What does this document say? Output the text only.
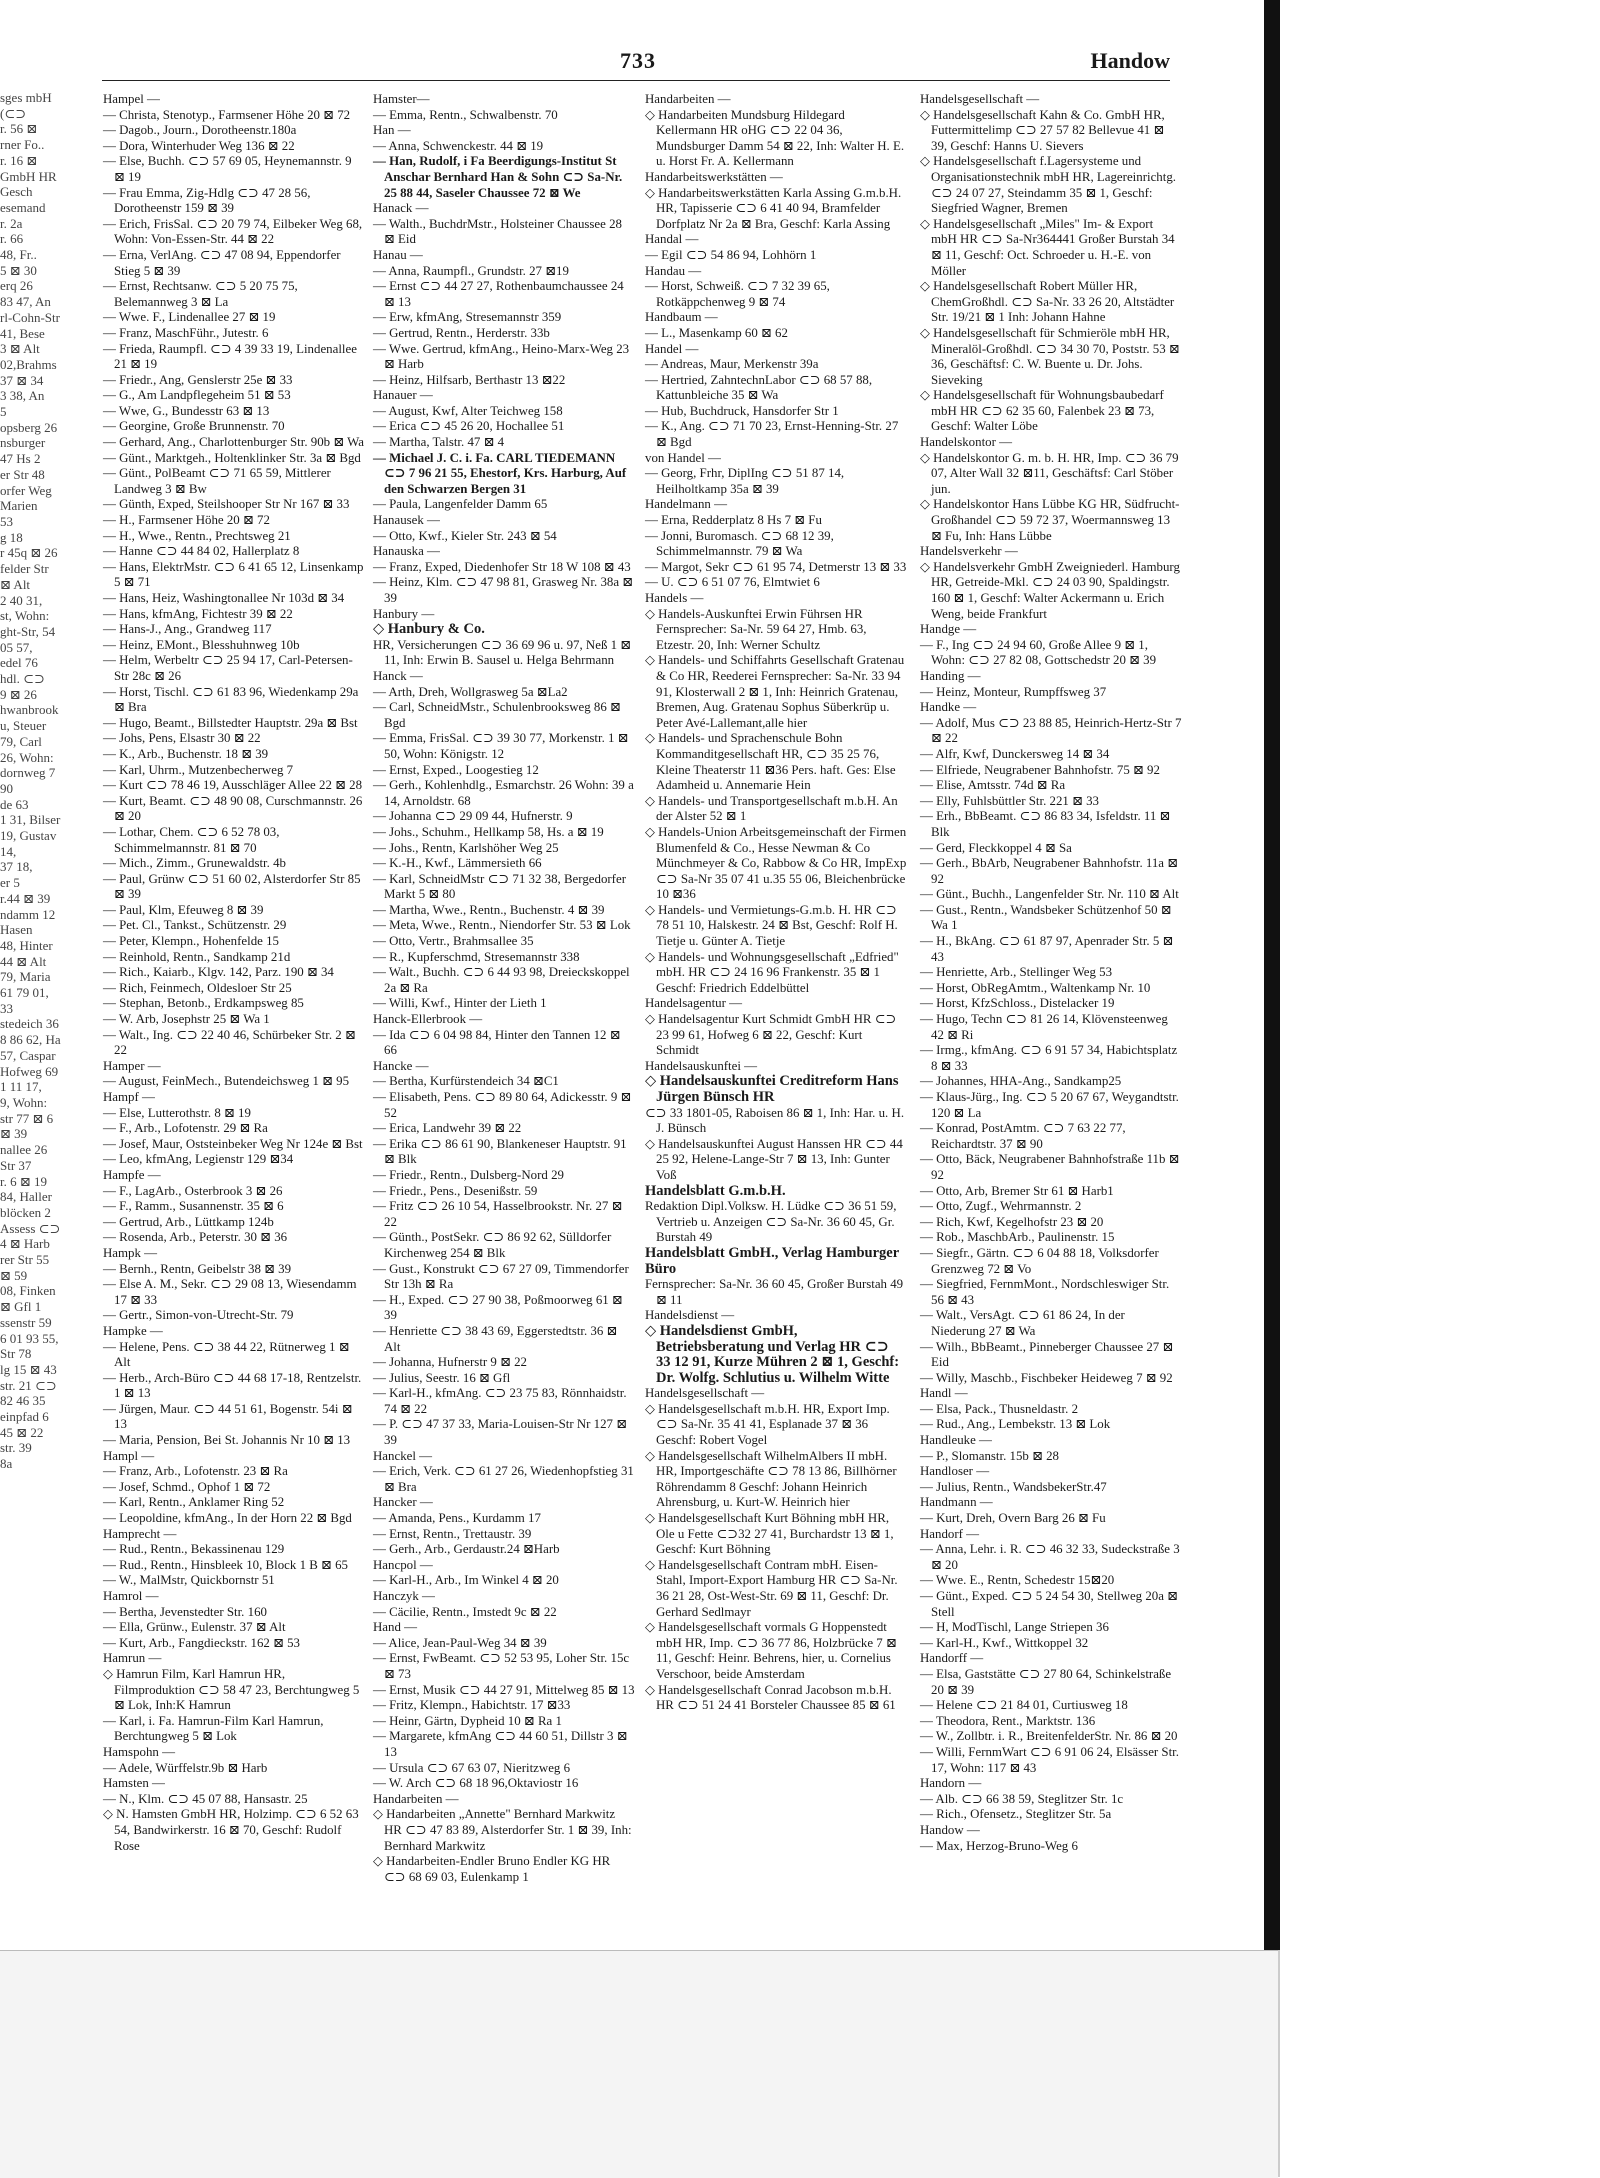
sges mbH
(⊂⊃
r. 56 ⊠
rner Fo..
r. 16 ⊠
GmbH HR
Gesch
esemand
r. 2a
r. 66
48, Fr..
5 ⊠ 30
erq 26
83 47, An
rl-Cohn-Str
41, Bese
3 ⊠ Alt
02,Brahms
37 ⊠ 34
3 38, An
5
opsberg 26
nsburger
47 Hs 2
er Str 48
orfer Weg
Marien
53
g 18
r 45q ⊠ 26
felder Str
⊠ Alt
2 40 31,
st, Wohn:
ght-Str, 54
05 57,
edel 76
hdl. ⊂⊃
9 ⊠ 26
hwanbrook
u, Steuer
79, Carl
26, Wohn:
dornweg 7
90
de 63
1 31, Bilser
19, Gustav
14,
37 18,
er 5
r.44 ⊠ 39
ndamm 12
Hasen
48, Hinter
44 ⊠ Alt
79, Maria
61 79 01,
33
stedeich 36
8 86 62, Ha
57, Caspar
Hofweg 69
1 11 17,
9, Wohn:
str 77 ⊠ 6
⊠ 39
nallee 26
Str 37
r. 6 ⊠ 19
84, Haller
blöcken 2
Assess ⊂⊃
4 ⊠ Harb
rer Str 55
⊠ 59
08, Finken
⊠ Gfl 1
ssenstr 59
6 01 93 55,
Str 78
lg 15 ⊠ 43
str. 21 ⊂⊃
82 46 35
einpfad 6
45 ⊠ 22
str. 39
8a
733	Handow
Hampel —
— Christa, Stenotyp., Farmsener Höhe 20 ⊠ 72
— Dagob., Journ., Dorotheenstr.180a
— Dora, Winterhuder Weg 136 ⊠ 22
— Else, Buchh. ⊂⊃ 57 69 05, Heynemannstr. 9 ⊠ 19
— Frau Emma, Zig-Hdlg ⊂⊃ 47 28 56, Dorotheenstr 159 ⊠ 39
— Erich, FrisSal. ⊂⊃ 20 79 74, Eilbeker Weg 68, Wohn: Von-Essen-Str. 44 ⊠ 22
— Erna, VerlAng. ⊂⊃ 47 08 94, Eppendorfer Stieg 5 ⊠ 39
— Ernst, Rechtsanw. ⊂⊃ 5 20 75 75, Belemannweg 3 ⊠ La
— Wwe. F., Lindenallee 27 ⊠ 19
— Franz, MaschFühr., Jutestr. 6
— Frieda, Raumpfl. ⊂⊃ 4 39 33 19, Lindenallee 21 ⊠ 19
— Friedr., Ang, Genslerstr 25e ⊠ 33
— G., Am Landpflegeheim 51 ⊠ 53
— Wwe, G., Bundesstr 63 ⊠ 13
— Georgine, Große Brunnenstr. 70
— Gerhard, Ang., Charlottenburger Str. 90b ⊠ Wa
— Günt., Marktgeh., Holtenklinker Str. 3a ⊠ Bgd
— Günt., PolBeamt ⊂⊃ 71 65 59, Mittlerer Landweg 3 ⊠ Bw
— Günth, Exped, Steilshooper Str Nr 167 ⊠ 33
— H., Farmsener Höhe 20 ⊠ 72
— H., Wwe., Rentn., Prechtsweg 21
— Hanne ⊂⊃ 44 84 02, Hallerplatz 8
— Hans, ElektrMstr. ⊂⊃ 6 41 65 12, Linsenkamp 5 ⊠ 71
— Hans, Heiz, Washingtonallee Nr 103d ⊠ 34
— Hans, kfmAng, Fichtestr 39 ⊠ 22
— Hans-J., Ang., Grandweg 117
— Heinz, EMont., Blesshuhnweg 10b
— Helm, Werbeltr ⊂⊃ 25 94 17, Carl-Petersen-Str 28c ⊠ 26
— Horst, Tischl. ⊂⊃ 61 83 96, Wiedenkamp 29a ⊠ Bra
— Hugo, Beamt., Billstedter Hauptstr. 29a ⊠ Bst
— Johs, Pens, Elsastr 30 ⊠ 22
— K., Arb., Buchenstr. 18 ⊠ 39
— Karl, Uhrm., Mutzenbecherweg 7
— Kurt ⊂⊃ 78 46 19, Ausschläger Allee 22 ⊠ 28
— Kurt, Beamt. ⊂⊃ 48 90 08, Curschmannstr. 26 ⊠ 20
— Lothar, Chem. ⊂⊃ 6 52 78 03, Schimmelmannstr. 81 ⊠ 70
— Mich., Zimm., Grunewaldstr. 4b
— Paul, Grünw ⊂⊃ 51 60 02, Alsterdorfer Str 85 ⊠ 39
— Paul, Klm, Efeuweg 8 ⊠ 39
— Pet. Cl., Tankst., Schützenstr. 29
— Peter, Klempn., Hohenfelde 15
— Reinhold, Rentn., Sandkamp 21d
— Rich., Kaiarb., Klgv. 142, Parz. 190 ⊠ 34
— Rich, Feinmech, Oldesloer Str 25
— Stephan, Betonb., Erdkampsweg 85
— W. Arb, Josephstr 25 ⊠ Wa 1
— Walt., Ing. ⊂⊃ 22 40 46, Schürbeker Str. 2 ⊠ 22
Hamper —
— August, FeinMech., Butendeichsweg 1 ⊠ 95
Hampf —
— Else, Lutterothstr. 8 ⊠ 19
— F., Arb., Lofotenstr. 29 ⊠ Ra
— Josef, Maur, Oststeinbeker Weg Nr 124e ⊠ Bst
— Leo, kfmAng, Legienstr 129 ⊠34
Hampfe —
— F., LagArb., Osterbrook 3 ⊠ 26
— F., Ramm., Susannenstr. 35 ⊠ 6
— Gertrud, Arb., Lüttkamp 124b
— Rosenda, Arb., Peterstr. 30 ⊠ 36
Hampk —
— Bernh., Rentn, Geibelstr 38 ⊠ 39
— Else A. M., Sekr. ⊂⊃ 29 08 13, Wiesendamm 17 ⊠ 33
— Gertr., Simon-von-Utrecht-Str. 79
Hampke —
— Helene, Pens. ⊂⊃ 38 44 22, Rütnerweg 1 ⊠ Alt
— Herb., Arch-Büro ⊂⊃ 44 68 17-18, Rentzelstr. 1 ⊠ 13
— Jürgen, Maur. ⊂⊃ 44 51 61, Bogenstr. 54i ⊠ 13
— Maria, Pension, Bei St. Johannis Nr 10 ⊠ 13
Hampl —
— Franz, Arb., Lofotenstr. 23 ⊠ Ra
— Josef, Schmd., Ophof 1 ⊠ 72
— Karl, Rentn., Anklamer Ring 52
— Leopoldine, kfmAng., In der Horn 22 ⊠ Bgd
Hamprecht —
— Rud., Rentn., Bekassinenau 129
— Rud., Rentn., Hinsbleek 10, Block 1 B ⊠ 65
— W., MalMstr, Quickbornstr 51
Hamrol —
— Bertha, Jevenstedter Str. 160
— Ella, Grünw., Eulenstr. 37 ⊠ Alt
— Kurt, Arb., Fangdieckstr. 162 ⊠ 53
Hamrun —
◇ Hamrun Film, Karl Hamrun HR, Filmproduktion ⊂⊃ 58 47 23, Berchtungweg 5 ⊠ Lok, Inh:K Hamrun
— Karl, i. Fa. Hamrun-Film Karl Hamrun, Berchtungweg 5 ⊠ Lok
Hamspohn —
— Adele, Würffelstr.9b ⊠ Harb
Hamsten —
— N., Klm. ⊂⊃ 45 07 88, Hansastr. 25
◇ N. Hamsten GmbH HR, Holzimp. ⊂⊃ 6 52 63 54, Bandwirkerstr. 16 ⊠ 70, Geschf: Rudolf Rose
Hamster—
— Emma, Rentn., Schwalbenstr. 70
Han —
— Anna, Schwenckestr. 44 ⊠ 19
— Han, Rudolf, i Fa Beerdigungs-Institut St Anschar Bernhard Han & Sohn ⊂⊃ Sa-Nr. 25 88 44, Saseler Chaussee 72 ⊠ We
Hanack —
— Walth., BuchdrMstr., Holsteiner Chaussee 28 ⊠ Eid
Hanau —
— Anna, Raumpfl., Grundstr. 27 ⊠19
— Ernst ⊂⊃ 44 27 27, Rothenbaumchaussee 24 ⊠ 13
— Erw, kfmAng, Stresemannstr 359
— Gertrud, Rentn., Herderstr. 33b
— Wwe. Gertrud, kfmAng., Heino-Marx-Weg 23 ⊠ Harb
— Heinz, Hilfsarb, Berthastr 13 ⊠22
Hanauer —
— August, Kwf, Alter Teichweg 158
— Erica ⊂⊃ 45 26 20, Hochallee 51
— Martha, Talstr. 47 ⊠ 4
— Michael J. C. i. Fa. CARL TIEDEMANN ⊂⊃ 7 96 21 55, Ehestorf, Krs. Harburg, Auf den Schwarzen Bergen 31
— Paula, Langenfelder Damm 65
Hanausek —
— Otto, Kwf., Kieler Str. 243 ⊠ 54
Hanauska —
— Franz, Exped, Diedenhofer Str 18 W 108 ⊠ 43
— Heinz, Klm. ⊂⊃ 47 98 81, Grasweg Nr. 38a ⊠ 39
Hanbury —
◇ Hanbury & Co.
HR, Versicherungen ⊂⊃ 36 69 96 u. 97, Neß 1 ⊠ 11, Inh: Erwin B. Sausel u. Helga Behrmann
Hanck —
— Arth, Dreh, Wollgrasweg 5a ⊠La2
— Carl, SchneidMstr., Schulenbrooksweg 86 ⊠ Bgd
— Emma, FrisSal. ⊂⊃ 39 30 77, Morkenstr. 1 ⊠ 50, Wohn: Königstr. 12
— Ernst, Exped., Loogestieg 12
— Gerh., Kohlenhdlg., Esmarchstr. 26 Wohn: 39 a 14, Arnoldstr. 68
— Johanna ⊂⊃ 29 09 44, Hufnerstr. 9
— Johs., Schuhm., Hellkamp 58, Hs. a ⊠ 19
— Johs., Rentn, Karlshöher Weg 25
— K.-H., Kwf., Lämmersieth 66
— Karl, SchneidMstr ⊂⊃ 71 32 38, Bergedorfer Markt 5 ⊠ 80
— Martha, Wwe., Rentn., Buchenstr. 4 ⊠ 39
— Meta, Wwe., Rentn., Niendorfer Str. 53 ⊠ Lok
— Otto, Vertr., Brahmsallee 35
— R., Kupferschmd, Stresemannstr 338
— Walt., Buchh. ⊂⊃ 6 44 93 98, Dreieckskoppel 2a ⊠ Ra
— Willi, Kwf., Hinter der Lieth 1
Hanck-Ellerbrook —
— Ida ⊂⊃ 6 04 98 84, Hinter den Tannen 12 ⊠ 66
Hancke —
— Bertha, Kurfürstendeich 34 ⊠C1
— Elisabeth, Pens. ⊂⊃ 89 80 64, Adickesstr. 9 ⊠ 52
— Erica, Landwehr 39 ⊠ 22
— Erika ⊂⊃ 86 61 90, Blankeneser Hauptstr. 91 ⊠ Blk
— Friedr., Rentn., Dulsberg-Nord 29
— Friedr., Pens., Desenißstr. 59
— Fritz ⊂⊃ 26 10 54, Hasselbrookstr. Nr. 27 ⊠ 22
— Günth., PostSekr. ⊂⊃ 86 92 62, Sülldorfer Kirchenweg 254 ⊠ Blk
— Gust., Konstrukt ⊂⊃ 67 27 09, Timmendorfer Str 13h ⊠ Ra
— H., Exped. ⊂⊃ 27 90 38, Poßmoorweg 61 ⊠ 39
— Henriette ⊂⊃ 38 43 69, Eggerstedtstr. 36 ⊠ Alt
— Johanna, Hufnerstr 9 ⊠ 22
— Julius, Seestr. 16 ⊠ Gfl
— Karl-H., kfmAng. ⊂⊃ 23 75 83, Rönnhaidstr. 74 ⊠ 22
— P. ⊂⊃ 47 37 33, Maria-Louisen-Str Nr 127 ⊠ 39
Hanckel —
— Erich, Verk. ⊂⊃ 61 27 26, Wiedenhopfstieg 31 ⊠ Bra
Hancker —
— Amanda, Pens., Kurdamm 17
— Ernst, Rentn., Trettaustr. 39
— Gerh., Arb., Gerdaustr.24 ⊠Harb
Hancpol —
— Karl-H., Arb., Im Winkel 4 ⊠ 20
Hanczyk —
— Cäcilie, Rentn., Imstedt 9c ⊠ 22
Hand —
— Alice, Jean-Paul-Weg 34 ⊠ 39
— Ernst, FwBeamt. ⊂⊃ 52 53 95, Loher Str. 15c ⊠ 73
— Ernst, Musik ⊂⊃ 44 27 91, Mittelweg 85 ⊠ 13
— Fritz, Klempn., Habichtstr. 17 ⊠33
— Heinr, Gärtn, Dypheid 10 ⊠ Ra 1
— Margarete, kfmAng ⊂⊃ 44 60 51, Dillstr 3 ⊠ 13
— Ursula ⊂⊃ 67 63 07, Nieritzweg 6
— W. Arch ⊂⊃ 68 18 96,Oktaviostr 16
Handarbeiten —
◇ Handarbeiten „Annette" Bernhard Markwitz HR ⊂⊃ 47 83 89, Alsterdorfer Str. 1 ⊠ 39, Inh: Bernhard Markwitz
◇ Handarbeiten-Endler Bruno Endler KG HR ⊂⊃ 68 69 03, Eulenkamp 1
Handarbeiten —
◇ Handarbeiten Mundsburg Hildegard Kellermann HR oHG ⊂⊃ 22 04 36, Mundsburger Damm 54 ⊠ 22, Inh: Walter H. E. u. Horst Fr. A. Kellermann
Handarbeitswerkstätten —
◇ Handarbeitswerkstätten Karla Assing G.m.b.H. HR, Tapisserie ⊂⊃ 6 41 40 94, Bramfelder Dorfplatz Nr 2a ⊠ Bra, Geschf: Karla Assing
Handal —
— Egil ⊂⊃ 54 86 94, Lohhörn 1
Handau —
— Horst, Schweiß. ⊂⊃ 7 32 39 65, Rotkäppchenweg 9 ⊠ 74
Handbaum —
— L., Masenkamp 60 ⊠ 62
Handel —
— Andreas, Maur, Merkenstr 39a
— Hertried, ZahntechnLabor ⊂⊃ 68 57 88, Kattunbleiche 35 ⊠ Wa
— Hub, Buchdruck, Hansdorfer Str 1
— K., Ang. ⊂⊃ 71 70 23, Ernst-Henning-Str. 27 ⊠ Bgd
von Handel —
— Georg, Frhr, DiplIng ⊂⊃ 51 87 14, Heilholtkamp 35a ⊠ 39
Handelmann —
— Erna, Redderplatz 8 Hs 7 ⊠ Fu
— Jonni, Buromasch. ⊂⊃ 68 12 39, Schimmelmannstr. 79 ⊠ Wa
— Margot, Sekr ⊂⊃ 61 95 74, Detmerstr 13 ⊠ 33
— U. ⊂⊃ 6 51 07 76, Elmtwiet 6
Handels —
◇ Handels-Auskunftei Erwin Führsen HR Fernsprecher: Sa-Nr. 59 64 27, Hmb. 63, Etzestr. 20, Inh: Werner Schultz
◇ Handels- und Schiffahrts Gesellschaft Gratenau & Co HR, Reederei Fernsprecher: Sa-Nr. 33 94 91, Klosterwall 2 ⊠ 1, Inh: Heinrich Gratenau, Bremen, Aug. Gratenau Sophus Süberkrüp u. Peter Avé-Lallemant,alle hier
◇ Handels- und Sprachenschule Bohn Kommanditgesellschaft HR, ⊂⊃ 35 25 76, Kleine Theaterstr 11 ⊠36 Pers. haft. Ges: Else Adamheid u. Annemarie Hein
◇ Handels- und Transportgesellschaft m.b.H. An der Alster 52 ⊠ 1
◇ Handels-Union Arbeitsgemeinschaft der Firmen Blumenfeld & Co., Hesse Newman & Co Münchmeyer & Co, Rabbow & Co HR, ImpExp ⊂⊃ Sa-Nr 35 07 41 u.35 55 06, Bleichenbrücke 10 ⊠36
◇ Handels- und Vermietungs-G.m.b. H. HR ⊂⊃ 78 51 10, Halskestr. 24 ⊠ Bst, Geschf: Rolf H. Tietje u. Günter A. Tietje
◇ Handels- und Wohnungsgesellschaft „Edfried" mbH. HR ⊂⊃ 24 16 96 Frankenstr. 35 ⊠ 1 Geschf: Friedrich Eddelbüttel
Handelsagentur —
◇ Handelsagentur Kurt Schmidt GmbH HR ⊂⊃ 23 99 61, Hofweg 6 ⊠ 22, Geschf: Kurt Schmidt
Handelsauskunftei —
◇ Handelsauskunftei Creditreform Hans Jürgen Bünsch HR
⊂⊃ 33 1801-05, Raboisen 86 ⊠ 1, Inh: Har. u. H. J. Bünsch
◇ Handelsauskunftei August Hanssen HR ⊂⊃ 44 25 92, Helene-Lange-Str 7 ⊠ 13, Inh: Gunter Voß
Handelsblatt G.m.b.H.
Redaktion Dipl.Volksw. H. Lüdke ⊂⊃ 36 51 59, Vertrieb u. Anzeigen ⊂⊃ Sa-Nr. 36 60 45, Gr. Burstah 49
Handelsblatt GmbH., Verlag Hamburger Büro
Fernsprecher: Sa-Nr. 36 60 45, Großer Burstah 49 ⊠ 11
Handelsdienst —
◇ Handelsdienst GmbH, Betriebsberatung und Verlag HR ⊂⊃ 33 12 91, Kurze Mühren 2 ⊠ 1, Geschf: Dr. Wolfg. Schlutius u. Wilhelm Witte
Handelsgesellschaft —
◇ Handelsgesellschaft m.b.H. HR, Export Imp. ⊂⊃ Sa-Nr. 35 41 41, Esplanade 37 ⊠ 36 Geschf: Robert Vogel
◇ Handelsgesellschaft WilhelmAlbers II mbH. HR, Importgeschäfte ⊂⊃ 78 13 86, Billhörner Röhrendamm 8 Geschf: Johann Heinrich Ahrensburg, u. Kurt-W. Heinrich hier
◇ Handelsgesellschaft Kurt Böhning mbH HR, Ole u Fette ⊂⊃32 27 41, Burchardstr 13 ⊠ 1, Geschf: Kurt Böhning
◇ Handelsgesellschaft Contram mbH. Eisen-Stahl, Import-Export Hamburg HR ⊂⊃ Sa-Nr. 36 21 28, Ost-West-Str. 69 ⊠ 11, Geschf: Dr. Gerhard Sedlmayr
◇ Handelsgesellschaft vormals G Hoppenstedt mbH HR, Imp. ⊂⊃ 36 77 86, Holzbrücke 7 ⊠ 11, Geschf: Heinr. Behrens, hier, u. Cornelius Verschoor, beide Amsterdam
◇ Handelsgesellschaft Conrad Jacobson m.b.H. HR ⊂⊃ 51 24 41 Borsteler Chaussee 85 ⊠ 61
Handelsgesellschaft —
◇ Handelsgesellschaft Kahn & Co. GmbH HR, Futtermittelimp ⊂⊃ 27 57 82 Bellevue 41 ⊠ 39, Geschf: Hanns U. Sievers
◇ Handelsgesellschaft f.Lagersysteme und Organisationstechnik mbH HR, Lagereinrichtg. ⊂⊃ 24 07 27, Steindamm 35 ⊠ 1, Geschf: Siegfried Wagner, Bremen
◇ Handelsgesellschaft „Miles" Im- & Export mbH HR ⊂⊃ Sa-Nr364441 Großer Burstah 34 ⊠ 11, Geschf: Oct. Schroeder u. H.-E. von Möller
◇ Handelsgesellschaft Robert Müller HR, ChemGroßhdl. ⊂⊃ Sa-Nr. 33 26 20, Altstädter Str. 19/21 ⊠ 1 Inh: Johann Hahne
◇ Handelsgesellschaft für Schmieröle mbH HR, Mineralöl-Großhdl. ⊂⊃ 34 30 70, Poststr. 53 ⊠ 36, Geschäftsf: C. W. Buente u. Dr. Johs. Sieveking
◇ Handelsgesellschaft für Wohnungsbaubedarf mbH HR ⊂⊃ 62 35 60, Falenbek 23 ⊠ 73, Geschf: Walter Löbe
Handelskontor —
◇ Handelskontor G. m. b. H. HR, Imp. ⊂⊃ 36 79 07, Alter Wall 32 ⊠11, Geschäftsf: Carl Stöber jun.
◇ Handelskontor Hans Lübbe KG HR, Südfrucht-Großhandel ⊂⊃ 59 72 37, Woermannsweg 13 ⊠ Fu, Inh: Hans Lübbe
Handelsverkehr —
◇ Handelsverkehr GmbH Zweigniederl. Hamburg HR, Getreide-Mkl. ⊂⊃ 24 03 90, Spaldingstr. 160 ⊠ 1, Geschf: Walter Ackermann u. Erich Weng, beide Frankfurt
Handge —
— F., Ing ⊂⊃ 24 94 60, Große Allee 9 ⊠ 1, Wohn: ⊂⊃ 27 82 08, Gottschedstr 20 ⊠ 39
Handing —
— Heinz, Monteur, Rumpffsweg 37
Handke —
— Adolf, Mus ⊂⊃ 23 88 85, Heinrich-Hertz-Str 7 ⊠ 22
— Alfr, Kwf, Dunckersweg 14 ⊠ 34
— Elfriede, Neugrabener Bahnhofstr. 75 ⊠ 92
— Elise, Amtsstr. 74d ⊠ Ra
— Elly, Fuhlsbüttler Str. 221 ⊠ 33
— Erh., BbBeamt. ⊂⊃ 86 83 34, Isfeldstr. 11 ⊠ Blk
— Gerd, Fleckkoppel 4 ⊠ Sa
— Gerh., BbArb, Neugrabener Bahnhofstr. 11a ⊠ 92
— Günt., Buchh., Langenfelder Str. Nr. 110 ⊠ Alt
— Gust., Rentn., Wandsbeker Schützenhof 50 ⊠ Wa 1
— H., BkAng. ⊂⊃ 61 87 97, Apenrader Str. 5 ⊠ 43
— Henriette, Arb., Stellinger Weg 53
— Horst, ObRegAmtm., Waltenkamp Nr. 10
— Horst, KfzSchloss., Distelacker 19
— Hugo, Techn ⊂⊃ 81 26 14, Klövensteenweg 42 ⊠ Ri
— Irmg., kfmAng. ⊂⊃ 6 91 57 34, Habichtsplatz 8 ⊠ 33
— Johannes, HHA-Ang., Sandkamp25
— Klaus-Jürg., Ing. ⊂⊃ 5 20 67 67, Weygandtstr. 120 ⊠ La
— Konrad, PostAmtm. ⊂⊃ 7 63 22 77, Reichardtstr. 37 ⊠ 90
— Otto, Bäck, Neugrabener Bahnhofstraße 11b ⊠ 92
— Otto, Arb, Bremer Str 61 ⊠ Harb1
— Otto, Zugf., Wehrmannstr. 2
— Rich, Kwf, Kegelhofstr 23 ⊠ 20
— Rob., MaschbArb., Paulinenstr. 15
— Siegfr., Gärtn. ⊂⊃ 6 04 88 18, Volksdorfer Grenzweg 72 ⊠ Vo
— Siegfried, FernmMont., Nordschleswiger Str. 56 ⊠ 43
— Walt., VersAgt. ⊂⊃ 61 86 24, In der Niederung 27 ⊠ Wa
— Wilh., BbBeamt., Pinneberger Chaussee 27 ⊠ Eid
— Willy, Maschb., Fischbeker Heideweg 7 ⊠ 92
Handl —
— Elsa, Pack., Thusneldastr. 2
— Rud., Ang., Lembekstr. 13 ⊠ Lok
Handleuke —
— P., Slomanstr. 15b ⊠ 28
Handloser —
— Julius, Rentn., WandsbekerStr.47
Handmann —
— Kurt, Dreh, Overn Barg 26 ⊠ Fu
Handorf —
— Anna, Lehr. i. R. ⊂⊃ 46 32 33, Sudeckstraße 3 ⊠ 20
— Wwe. E., Rentn, Schedestr 15⊠20
— Günt., Exped. ⊂⊃ 5 24 54 30, Stellweg 20a ⊠ Stell
— H, ModTischl, Lange Striepen 36
— Karl-H., Kwf., Wittkoppel 32
Handorff —
— Elsa, Gaststätte ⊂⊃ 27 80 64, Schinkelstraße 20 ⊠ 39
— Helene ⊂⊃ 21 84 01, Curtiusweg 18
— Theodora, Rent., Marktstr. 136
— W., Zollbtr. i. R., BreitenfelderStr. Nr. 86 ⊠ 20
— Willi, FernmWart ⊂⊃ 6 91 06 24, Elsässer Str. 17, Wohn: 117 ⊠ 43
Handorn —
— Alb. ⊂⊃ 66 38 59, Steglitzer Str. 1c
— Rich., Ofensetz., Steglitzer Str. 5a
Handow —
— Max, Herzog-Bruno-Weg 6
